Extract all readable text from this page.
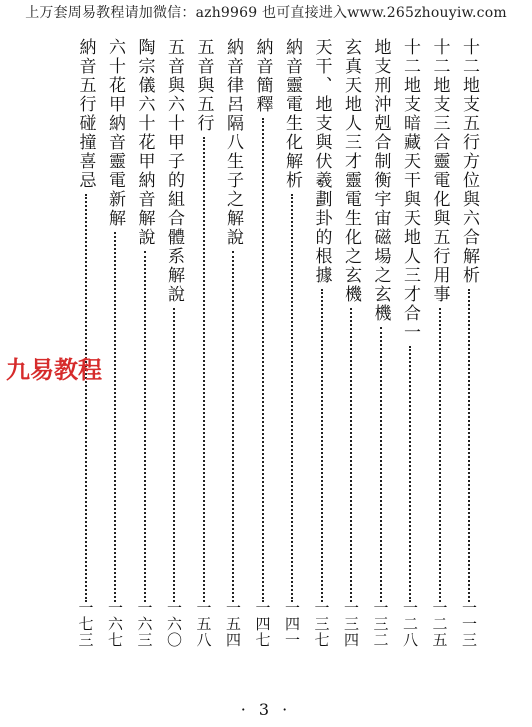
上万套周易教程请加微信：azh9969 也可直接进入www.265zhouyiw.com
十二地支五行方位與六合解析
一一三
十二地支三合靈電化與五行用事
一二五
十二地支暗藏天干與天地人三才合一
一二八
地支刑沖剋合制衡宇宙磁場之玄機
一三二
玄真天地人三才靈電生化之玄機
一三四
天干、地支與伏羲劃卦的根據
一三七
納音靈電生化解析
一四一
納音簡釋
一四七
納音律呂隔八生子之解說
一五四
五音與五行
一五八
五音與六十甲子的組合體系解說
一六〇
陶宗儀六十花甲納音解說
一六三
六十花甲納音靈電新解
一六七
納音五行碰撞喜忌
一七三
九易教程
· 3 ·
